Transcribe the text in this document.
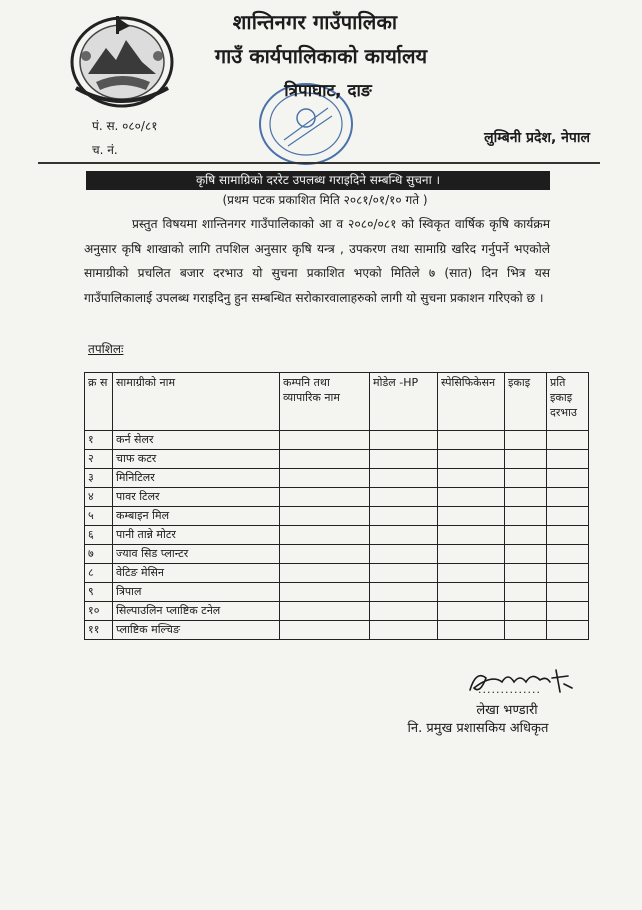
शान्तिनगर गाउँपालिका
गाउँ कार्यपालिकाको कार्यालय
त्रिपाघाट, दाङ
पं. स. ०८०/८१
च. नं.
लुम्बिनी प्रदेश, नेपाल
कृषि सामाग्रिको दररेट उपलब्ध गराइदिने सम्बन्धि सुचना ।
(प्रथम पटक प्रकाशित मिति २०८१/०१/१० गते )
प्रस्तुत विषयमा शान्तिनगर गाउँपालिकाको आ व २०८०/०८१ को स्विकृत वार्षिक कृषि कार्यक्रम अनुसार कृषि शाखाको लागि तपशिल अनुसार कृषि यन्त्र , उपकरण तथा सामाग्रि खरिद गर्नुपर्ने भएकोले सामाग्रीको प्रचलित बजार दरभाउ यो सुचना प्रकाशित भएको मितिले ७ (सात) दिन भित्र यस गाउँपालिकालाई उपलब्ध गराइदिनु हुन सम्बन्धित सरोकारवालाहरुको लागी यो सुचना प्रकाशन गरिएको छ ।
तपशिलः
क्र स	सामाग्रीको नाम	कम्पनि तथा व्यापारिक नाम	मोडेल -HP	स्पेसिफिकेसन	इकाइ	प्रति इकाइ दरभाउ
१	कर्न सेलर					
२	चाफ कटर					
३	मिनिटिलर					
४	पावर टिलर					
५	कम्बाइन मिल					
६	पानी तान्ने मोटर					
७	ज्याव सिड प्लान्टर					
८	वेटिङ मेसिन					
९	त्रिपाल					
१०	सिल्पाउलिन प्लाष्टिक टनेल					
११	प्लाष्टिक मल्चिङ					
..............
लेखा भण्डारी
नि. प्रमुख प्रशासकिय अधिकृत
